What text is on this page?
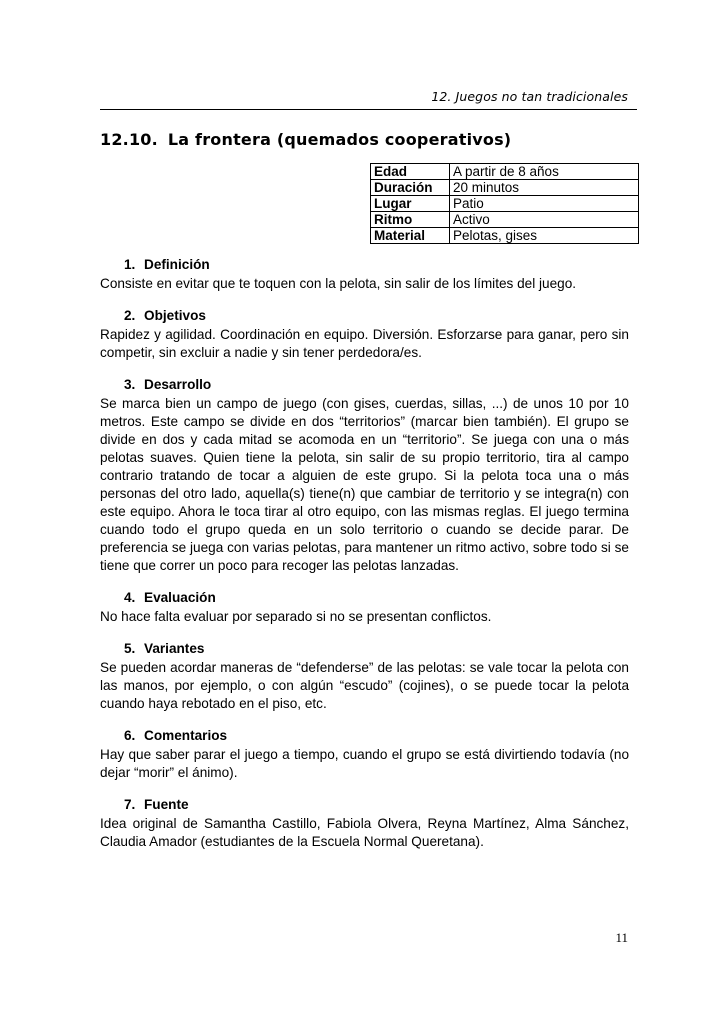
12. Juegos no tan tradicionales
12.10. La frontera (quemados cooperativos)
Edad	A partir de 8 años
Duración	20 minutos
Lugar	Patio
Ritmo	Activo
Material	Pelotas, gises
1. Definición

Consiste en evitar que te toquen con la pelota, sin salir de los límites del juego.

2. Objetivos

Rapidez y agilidad. Coordinación en equipo. Diversión. Esforzarse para ganar, pero sin competir, sin excluir a nadie y sin tener perdedora/es.

3. Desarrollo

Se marca bien un campo de juego (con gises, cuerdas, sillas, ...) de unos 10 por 10 metros. Este campo se divide en dos “territorios” (marcar bien también). El grupo se divide en dos y cada mitad se acomoda en un “territorio”. Se juega con una o más pelotas suaves. Quien tiene la pelota, sin salir de su propio territorio, tira al campo contrario tratando de tocar a alguien de este grupo. Si la pelota toca una o más personas del otro lado, aquella(s) tiene(n) que cambiar de territorio y se integra(n) con este equipo. Ahora le toca tirar al otro equipo, con las mismas reglas. El juego termina cuando todo el grupo queda en un solo territorio o cuando se decide parar. De preferencia se juega con varias pelotas, para mantener un ritmo activo, sobre todo si se tiene que correr un poco para recoger las pelotas lanzadas.

4. Evaluación

No hace falta evaluar por separado si no se presentan conflictos.

5. Variantes

Se pueden acordar maneras de “defenderse” de las pelotas: se vale tocar la pelota con las manos, por ejemplo, o con algún “escudo” (cojines), o se puede tocar la pelota cuando haya rebotado en el piso, etc.

6. Comentarios

Hay que saber parar el juego a tiempo, cuando el grupo se está divirtiendo todavía (no dejar “morir” el ánimo).

7. Fuente

Idea original de Samantha Castillo, Fabiola Olvera, Reyna Martínez, Alma Sánchez, Claudia Amador (estudiantes de la Escuela Normal Queretana).

11
